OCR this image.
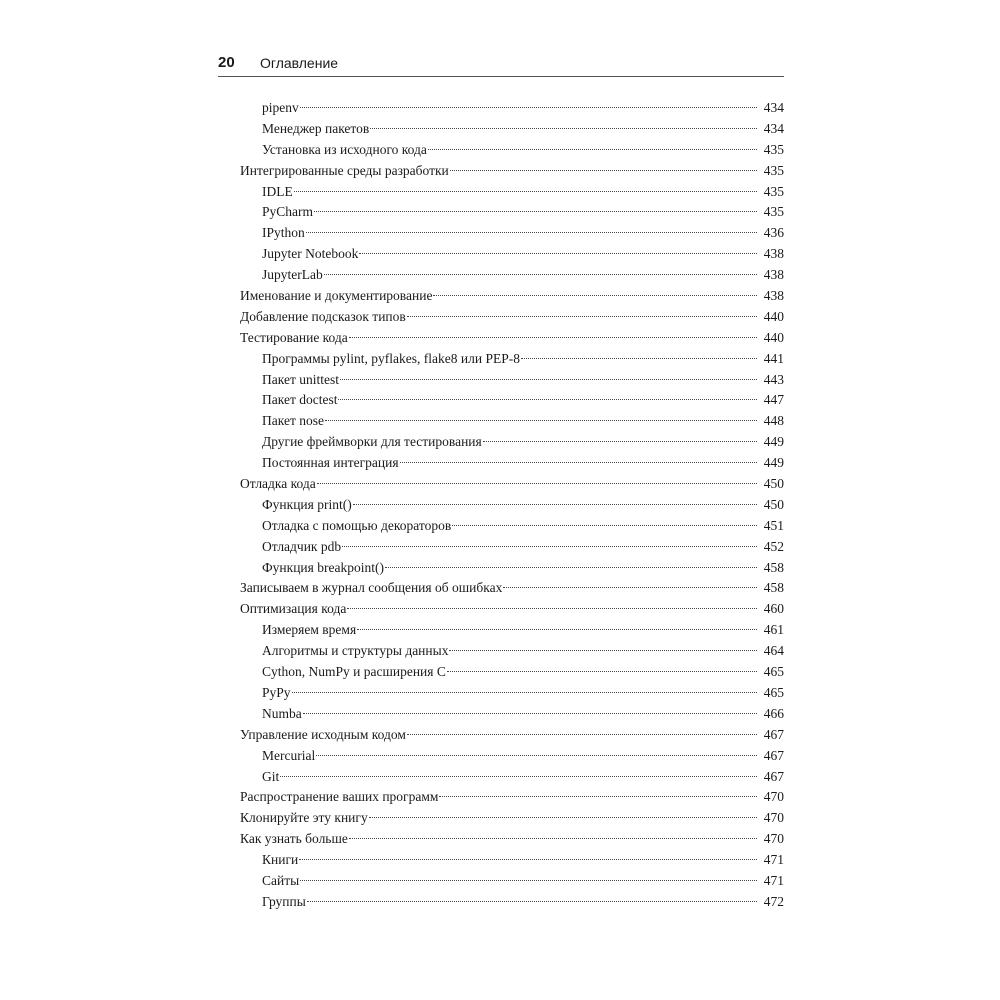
20 Оглавление
pipenv	434
Менеджер пакетов	434
Установка из исходного кода	435
Интегрированные среды разработки	435
IDLE	435
PyCharm	435
IPython	436
Jupyter Notebook	438
JupyterLab	438
Именование и документирование	438
Добавление подсказок типов	440
Тестирование кода	440
Программы pylint, pyflakes, flake8 или PEP-8	441
Пакет unittest	443
Пакет doctest	447
Пакет nose	448
Другие фреймворки для тестирования	449
Постоянная интеграция	449
Отладка кода	450
Функция print()	450
Отладка с помощью декораторов	451
Отладчик pdb	452
Функция breakpoint()	458
Записываем в журнал сообщения об ошибках	458
Оптимизация кода	460
Измеряем время	461
Алгоритмы и структуры данных	464
Cython, NumPy и расширения C	465
PyPy	465
Numba	466
Управление исходным кодом	467
Mercurial	467
Git	467
Распространение ваших программ	470
Клонируйте эту книгу	470
Как узнать больше	470
Книги	471
Сайты	471
Группы	472
